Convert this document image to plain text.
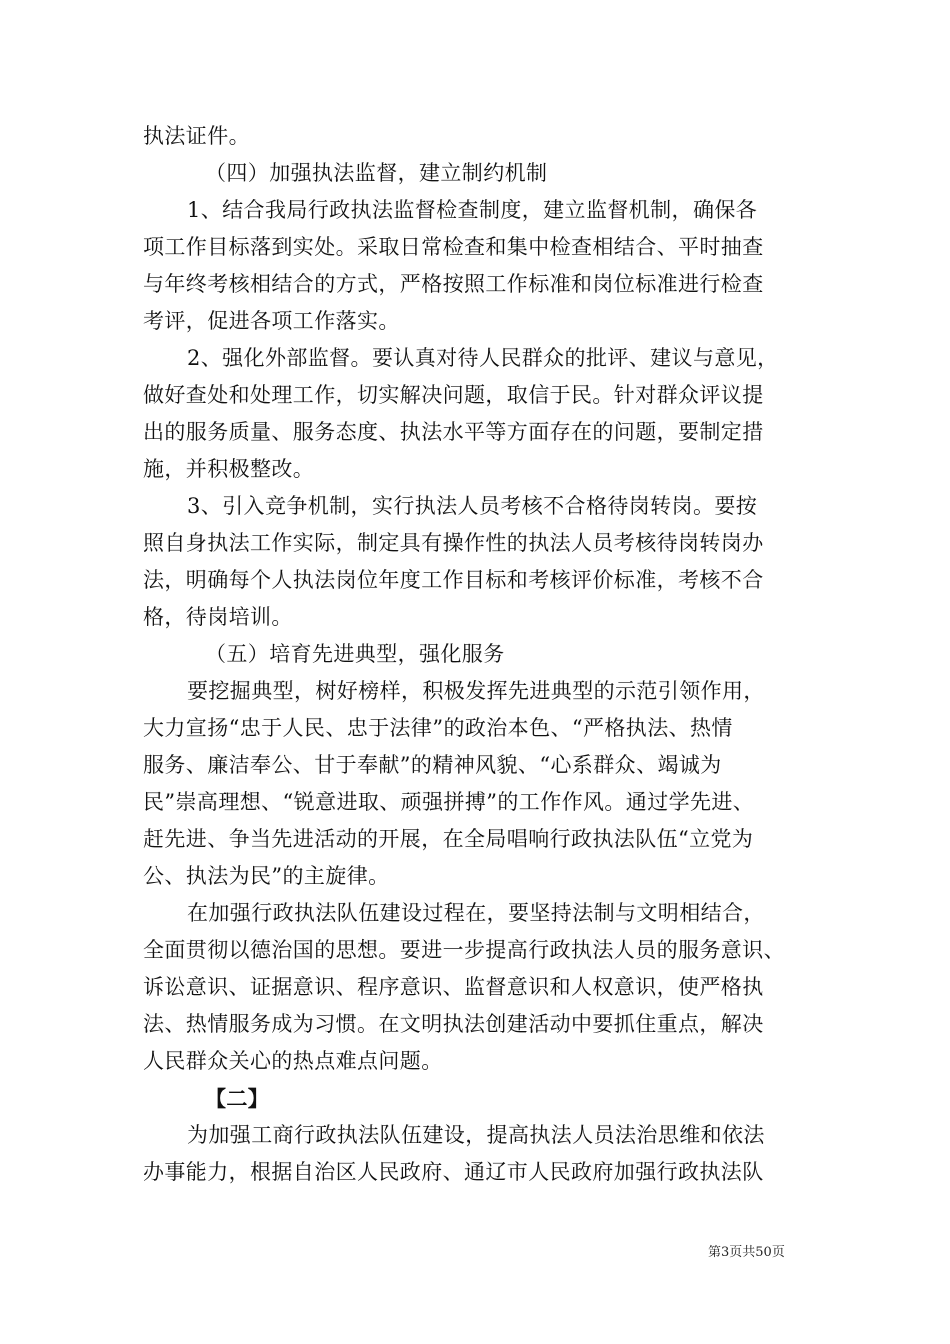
执法证件。
（四）加强执法监督，建立制约机制
1、结合我局行政执法监督检查制度，建立监督机制，确保各
项工作目标落到实处。采取日常检查和集中检查相结合、平时抽查
与年终考核相结合的方式，严格按照工作标准和岗位标准进行检查
考评，促进各项工作落实。
2、强化外部监督。要认真对待人民群众的批评、建议与意见，
做好查处和处理工作，切实解决问题，取信于民。针对群众评议提
出的服务质量、服务态度、执法水平等方面存在的问题，要制定措
施，并积极整改。
3、引入竞争机制，实行执法人员考核不合格待岗转岗。要按
照自身执法工作实际，制定具有操作性的执法人员考核待岗转岗办
法，明确每个人执法岗位年度工作目标和考核评价标准，考核不合
格，待岗培训。
（五）培育先进典型，强化服务
要挖掘典型，树好榜样，积极发挥先进典型的示范引领作用，
大力宣扬“忠于人民、忠于法律”的政治本色、“严格执法、热情
服务、廉洁奉公、甘于奉献”的精神风貌、“心系群众、竭诚为
民”崇高理想、“锐意进取、顽强拼搏”的工作作风。通过学先进、
赶先进、争当先进活动的开展，在全局唱响行政执法队伍“立党为
公、执法为民”的主旋律。
在加强行政执法队伍建设过程在，要坚持法制与文明相结合，
全面贯彻以德治国的思想。要进一步提高行政执法人员的服务意识、
诉讼意识、证据意识、程序意识、监督意识和人权意识，使严格执
法、热情服务成为习惯。在文明执法创建活动中要抓住重点，解决
人民群众关心的热点难点问题。
【二】
为加强工商行政执法队伍建设，提高执法人员法治思维和依法
办事能力，根据自治区人民政府、通辽市人民政府加强行政执法队
第3页共50页
